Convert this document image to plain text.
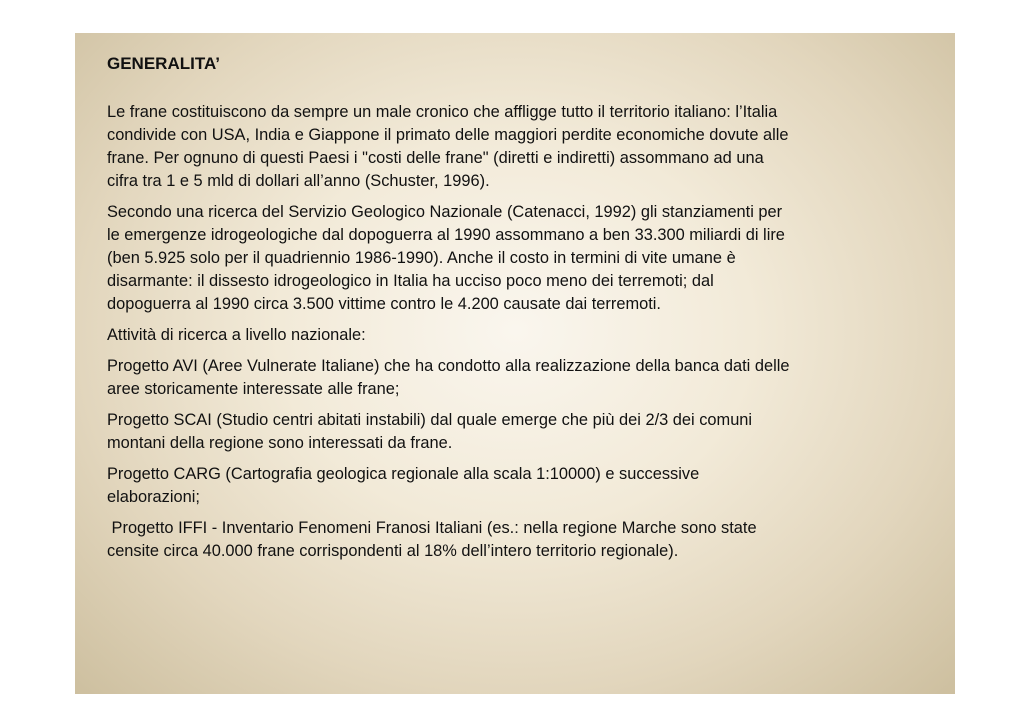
GENERALITA’

Le frane costituiscono da sempre un male cronico che affligge tutto il territorio italiano: l’Italia
condivide con USA, India e Giappone il primato delle maggiori perdite economiche dovute alle
frane. Per ognuno di questi Paesi i "costi delle frane" (diretti e indiretti) assommano ad una
cifra tra 1 e 5 mld di dollari all’anno (Schuster, 1996).

Secondo una ricerca del Servizio Geologico Nazionale (Catenacci, 1992) gli stanziamenti per
le emergenze idrogeologiche dal dopoguerra al 1990 assommano a ben 33.300 miliardi di lire
(ben 5.925 solo per il quadriennio 1986-1990). Anche il costo in termini di vite umane è
disarmante: il dissesto idrogeologico in Italia ha ucciso poco meno dei terremoti; dal
dopoguerra al 1990 circa 3.500 vittime contro le 4.200 causate dai terremoti.

Attività di ricerca a livello nazionale:

Progetto AVI (Aree Vulnerate Italiane) che ha condotto alla realizzazione della banca dati delle
aree storicamente interessate alle frane;

Progetto SCAI (Studio centri abitati instabili) dal quale emerge che più dei 2/3 dei comuni
montani della regione sono interessati da frane.

Progetto CARG (Cartografia geologica regionale alla scala 1:10000) e successive
elaborazioni;

Progetto IFFI - Inventario Fenomeni Franosi Italiani (es.: nella regione Marche sono state
censite circa 40.000 frane corrispondenti al 18% dell’intero territorio regionale).
